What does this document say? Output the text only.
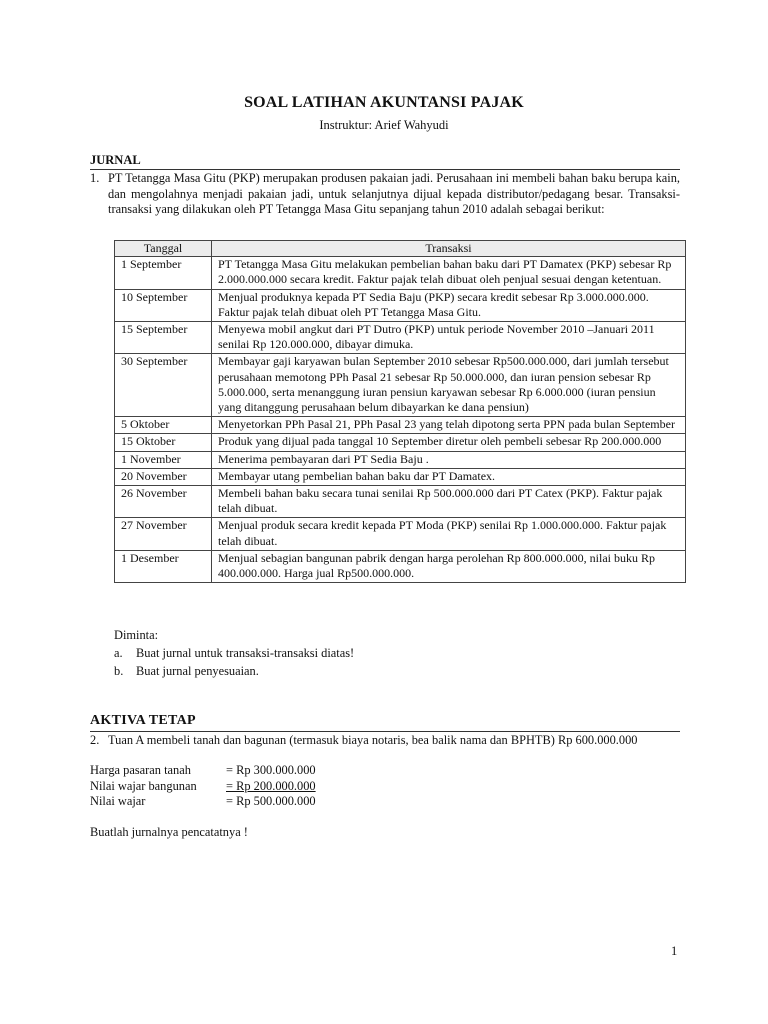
SOAL LATIHAN AKUNTANSI PAJAK
Instruktur: Arief Wahyudi
JURNAL
1. PT Tetangga Masa Gitu (PKP) merupakan produsen pakaian jadi. Perusahaan ini membeli bahan baku berupa kain, dan mengolahnya menjadi pakaian jadi, untuk selanjutnya dijual kepada distributor/pedagang besar. Transaksi-transaksi yang dilakukan oleh PT Tetangga Masa Gitu sepanjang tahun 2010 adalah sebagai berikut:
Tanggal	Transaksi
1 September	PT Tetangga Masa Gitu melakukan pembelian bahan baku dari PT Damatex (PKP) sebesar Rp 2.000.000.000 secara kredit. Faktur pajak telah dibuat oleh penjual sesuai dengan ketentuan.
10 September	Menjual produknya kepada PT Sedia Baju (PKP) secara kredit sebesar Rp 3.000.000.000. Faktur pajak telah dibuat oleh PT Tetangga Masa Gitu.
15 September	Menyewa mobil angkut dari PT Dutro (PKP) untuk periode November 2010 –Januari 2011 senilai Rp 120.000.000, dibayar dimuka.
30 September	Membayar gaji karyawan bulan September 2010 sebesar Rp500.000.000, dari jumlah tersebut perusahaan memotong PPh Pasal 21 sebesar Rp 50.000.000, dan iuran pension sebesar Rp 5.000.000, serta menanggung iuran pensiun karyawan sebesar Rp 6.000.000 (iuran pensiun yang ditanggung perusahaan belum dibayarkan ke dana pensiun)
5 Oktober	Menyetorkan PPh Pasal 21, PPh Pasal 23 yang telah dipotong serta PPN pada bulan September
15 Oktober	Produk yang dijual pada tanggal 10 September diretur oleh pembeli sebesar Rp 200.000.000
1 November	Menerima pembayaran dari PT Sedia Baju .
20 November	Membayar utang pembelian bahan baku dar PT Damatex.
26 November	Membeli bahan baku secara tunai senilai Rp 500.000.000 dari PT Catex (PKP). Faktur pajak telah dibuat.
27 November	Menjual produk secara kredit kepada PT Moda (PKP) senilai Rp 1.000.000.000. Faktur pajak telah dibuat.
1 Desember	Menjual sebagian bangunan pabrik dengan harga perolehan Rp 800.000.000, nilai buku Rp 400.000.000. Harga jual Rp500.000.000.
Diminta:
a. Buat jurnal untuk transaksi-transaksi diatas!
b. Buat jurnal penyesuaian.
AKTIVA TETAP
2. Tuan A membeli tanah dan bagunan (termasuk biaya notaris, bea balik nama dan BPHTB) Rp 600.000.000
Harga pasaran tanah	= Rp 300.000.000
Nilai wajar bangunan = Rp 200.000.000
Nilai wajar	= Rp 500.000.000
Buatlah jurnalnya pencatatnya !
1
